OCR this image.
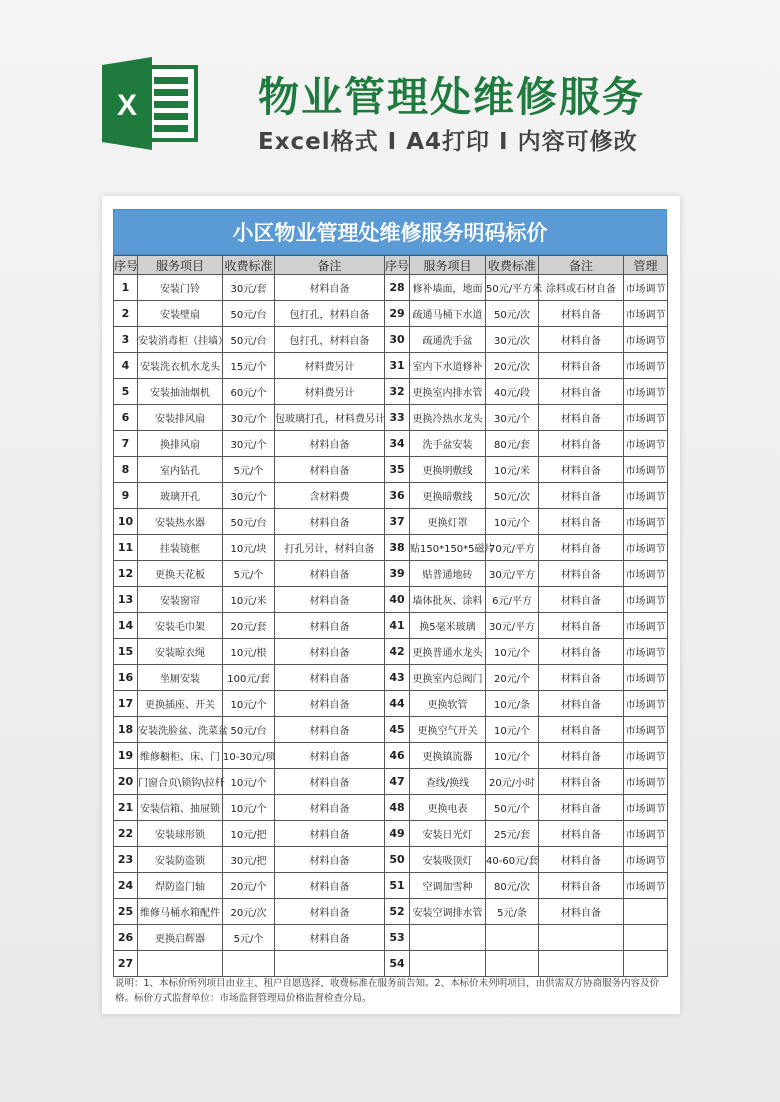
X	物业管理处维修服务
Excel格式 I A4打印 I 内容可修改
小区物业管理处维修服务明码标价
序号	服务项目	收费标准	备注	序号	服务项目	收费标准	备注	管理
1	安装门铃	30元/套	材料自备	28	修补墙面，地面	50元/平方米	涂料或石材自备	市场调节
2	安装壁扇	50元/台	包打孔，材料自备	29	疏通马桶下水道	50元/次	材料自备	市场调节
3	安装消毒柜（挂墙）	50元/台	包打孔，材料自备	30	疏通洗手盆	30元/次	材料自备	市场调节
4	安装洗衣机水龙头	15元/个	材料费另计	31	室内下水道修补	20元/次	材料自备	市场调节
5	安装抽油烟机	60元/个	材料费另计	32	更换室内排水管	40元/段	材料自备	市场调节
6	安装排风扇	30元/个	包玻璃打孔，材料费另计	33	更换冷热水龙头	30元/个	材料自备	市场调节
7	换排风扇	30元/个	材料自备	34	洗手盆安装	80元/套	材料自备	市场调节
8	室内钻孔	5元/个	材料自备	35	更换明敷线	10元/米	材料自备	市场调节
9	玻璃开孔	30元/个	含材料费	36	更换暗敷线	50元/次	材料自备	市场调节
10	安装热水器	50元/台	材料自备	37	更换灯罩	10元/个	材料自备	市场调节
11	挂装镜框	10元/块	打孔另计，材料自备	38	贴150*150*5磁片	70元/平方	材料自备	市场调节
12	更换天花板	5元/个	材料自备	39	贴普通地砖	30元/平方	材料自备	市场调节
13	安装窗帘	10元/米	材料自备	40	墙体批灰、涂料	6元/平方	材料自备	市场调节
14	安装毛巾架	20元/套	材料自备	41	换5毫米玻璃	30元/平方	材料自备	市场调节
15	安装晾衣绳	10元/根	材料自备	42	更换普通水龙头	10元/个	材料自备	市场调节
16	坐厕安装	100元/套	材料自备	43	更换室内总阀门	20元/个	材料自备	市场调节
17	更换插座、开关	10元/个	材料自备	44	更换软管	10元/条	材料自备	市场调节
18	安装洗脸盆、洗菜盆	50元/台	材料自备	45	更换空气开关	10元/个	材料自备	市场调节
19	维修橱柜、床、门	10-30元/项	材料自备	46	更换镇流器	10元/个	材料自备	市场调节
20	门窗合页\锁钩\拉杆	10元/个	材料自备	47	查线/换线	20元/小时	材料自备	市场调节
21	安装信箱、抽屉锁	10元/个	材料自备	48	更换电表	50元/个	材料自备	市场调节
22	安装球形锁	10元/把	材料自备	49	安装日光灯	25元/套	材料自备	市场调节
23	安装防盗锁	30元/把	材料自备	50	安装吸顶灯	40-60元/套	材料自备	市场调节
24	焊防盗门轴	20元/个	材料自备	51	空调加雪种	80元/次	材料自备	市场调节
25	维修马桶水箱配件	20元/次	材料自备	52	安装空调排水管	5元/条	材料自备	
26	更换启辉器	5元/个	材料自备	53				
27				54				
说明：1、本标价所列项目由业主、租户自愿选择，收费标准在服务前告知。2、本标价未列明项目，由供需双方协商服务内容及价格。标价方式监督单位：市场监督管理局价格监督检查分局。
